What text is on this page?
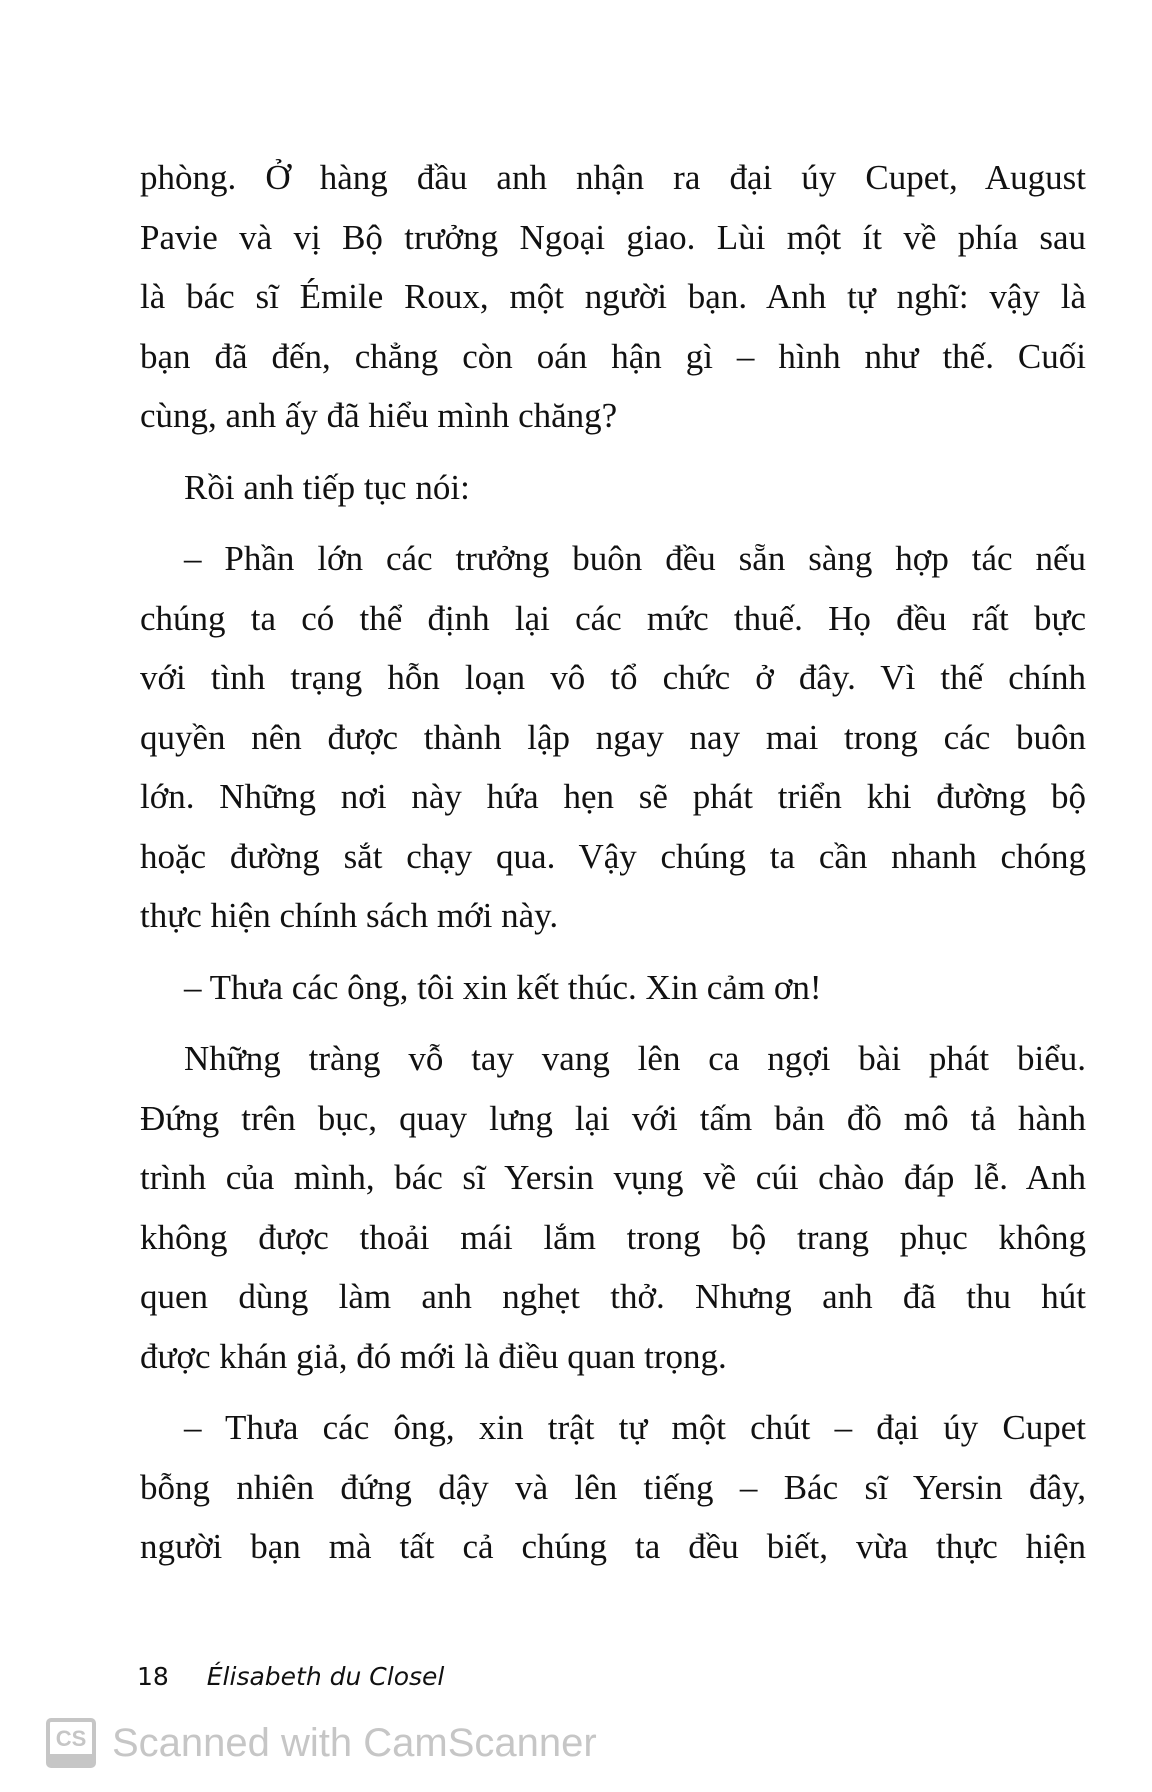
phòng. Ở hàng đầu anh nhận ra đại úy Cupet, August
Pavie và vị Bộ trưởng Ngoại giao. Lùi một ít về phía sau
là bác sĩ Émile Roux, một người bạn. Anh tự nghĩ: vậy là
bạn đã đến, chẳng còn oán hận gì – hình như thế. Cuối
cùng, anh ấy đã hiểu mình chăng?
Rồi anh tiếp tục nói:
– Phần lớn các trưởng buôn đều sẵn sàng hợp tác nếu
chúng ta có thể định lại các mức thuế. Họ đều rất bực
với tình trạng hỗn loạn vô tổ chức ở đây. Vì thế chính
quyền nên được thành lập ngay nay mai trong các buôn
lớn. Những nơi này hứa hẹn sẽ phát triển khi đường bộ
hoặc đường sắt chạy qua. Vậy chúng ta cần nhanh chóng
thực hiện chính sách mới này.
– Thưa các ông, tôi xin kết thúc. Xin cảm ơn!
Những tràng vỗ tay vang lên ca ngợi bài phát biểu.
Đứng trên bục, quay lưng lại với tấm bản đồ mô tả hành
trình của mình, bác sĩ Yersin vụng về cúi chào đáp lễ. Anh
không được thoải mái lắm trong bộ trang phục không
quen dùng làm anh nghẹt thở. Nhưng anh đã thu hút
được khán giả, đó mới là điều quan trọng.
– Thưa các ông, xin trật tự một chút – đại úy Cupet
bỗng nhiên đứng dậy và lên tiếng – Bác sĩ Yersin đây,
người bạn mà tất cả chúng ta đều biết, vừa thực hiện
18 Élisabeth du Closel
CS Scanned with CamScanner
